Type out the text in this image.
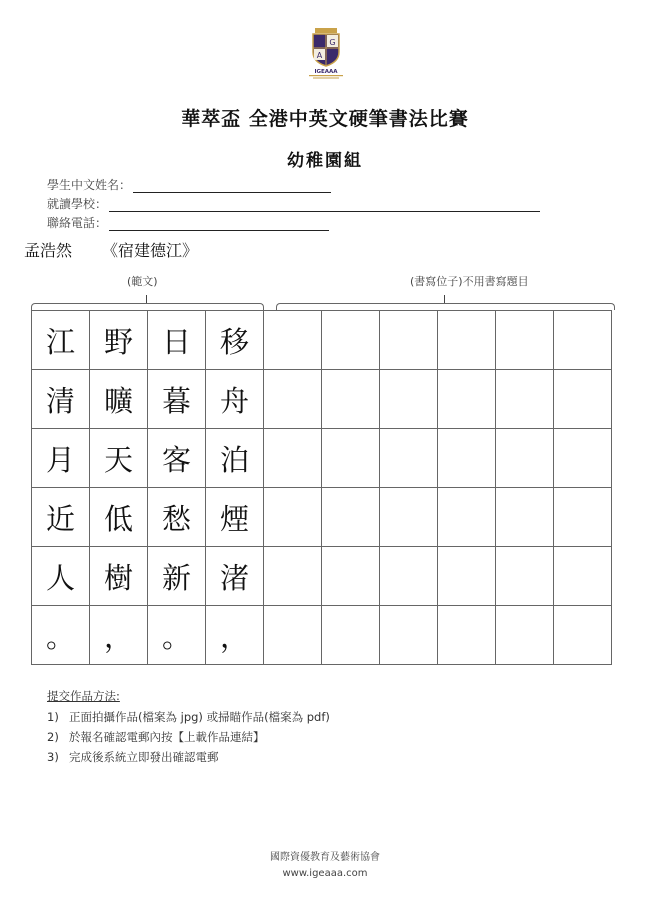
G
A
IGEAAA
華萃盃 全港中英文硬筆書法比賽
幼稚園組
學生中文姓名：
就讀學校：
聯絡電話：
孟浩然 《宿建德江》
(範文)	(書寫位子)不用書寫題目
江	野	日	移						
清	曠	暮	舟						
月	天	客	泊						
近	低	愁	煙						
人	樹	新	渚						
。	，	。	，						
提交作品方法:
1) 正面拍攝作品(檔案為 jpg) 或掃瞄作品(檔案為 pdf)
2) 於報名確認電郵內按【上載作品連結】
3) 完成後系統立即發出確認電郵
國際資優教育及藝術協會
www.igeaaa.com
